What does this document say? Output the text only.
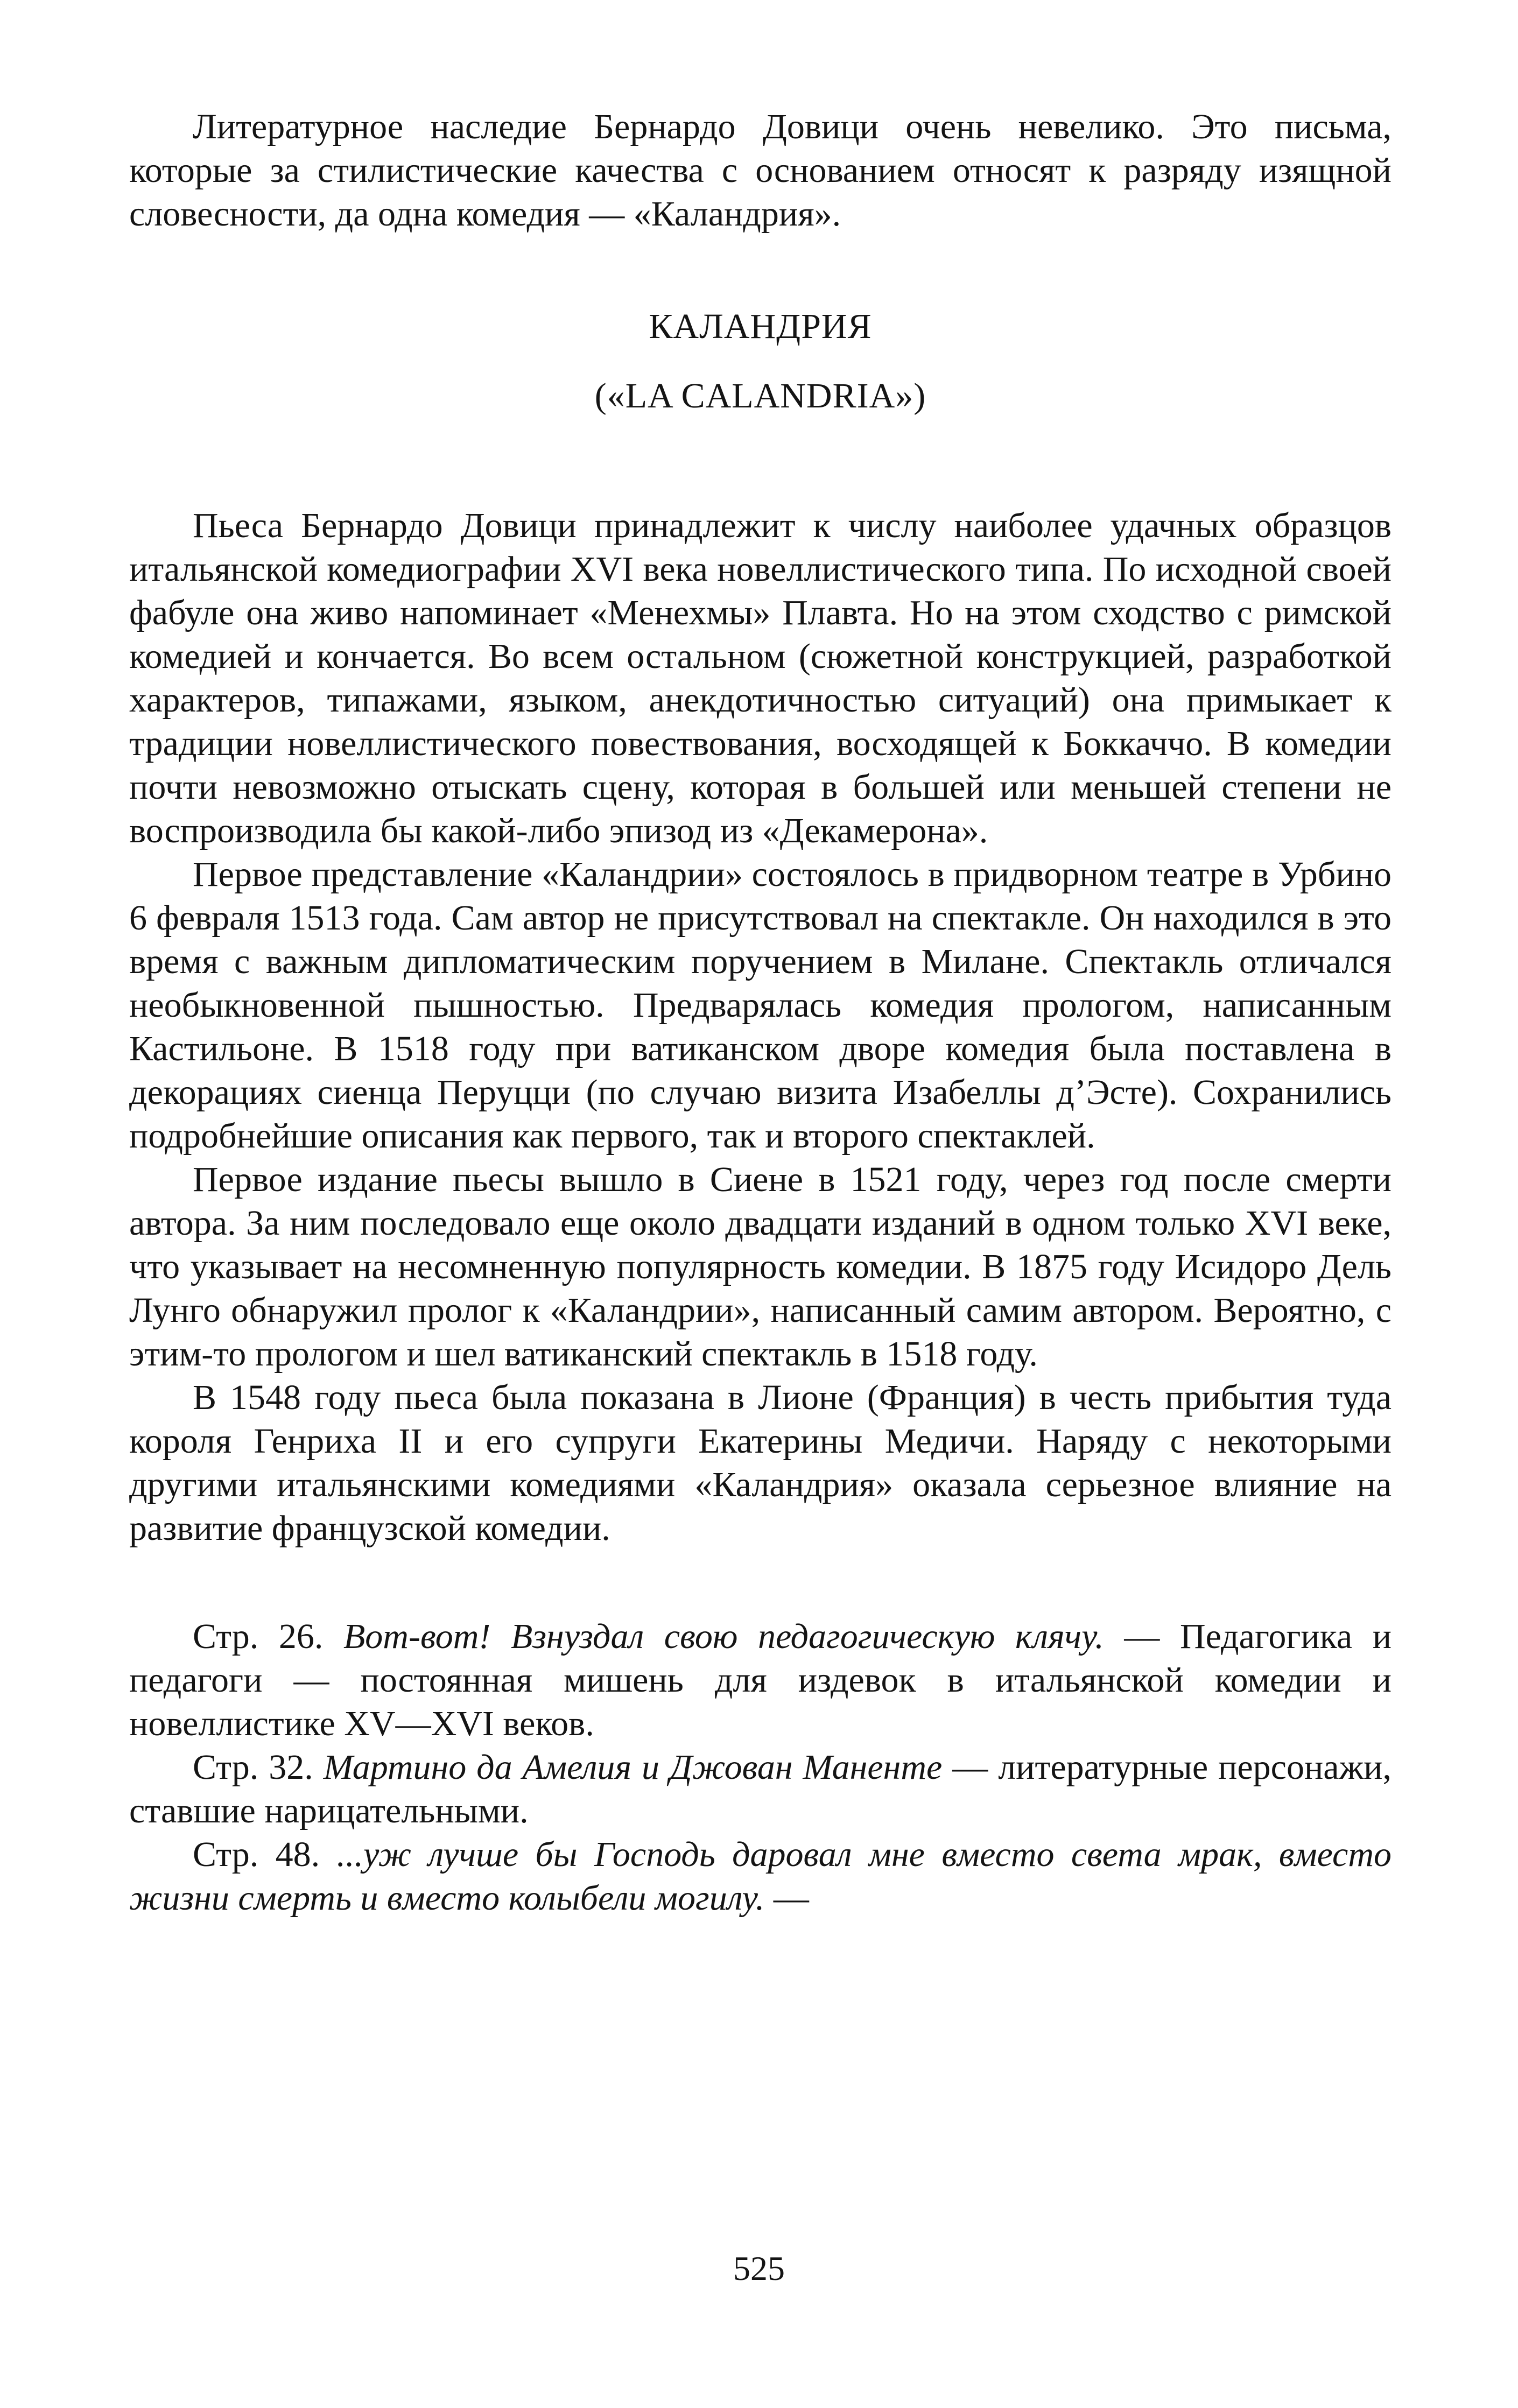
Литературное наследие Бернардо Довици очень невелико. Это письма, которые за стилистические качества с основанием относят к разряду изящной словесности, да одна комедия — «Каландрия».

КАЛАНДРИЯ

(«LA CALANDRIA»)

Пьеса Бернардо Довици принадлежит к числу наиболее удачных образцов итальянской комедиографии XVI века новеллистического типа. По исходной своей фабуле она живо напоминает «Менехмы» Плавта. Но на этом сходство с римской комедией и кончается. Во всем остальном (сюжетной конструкцией, разработкой характеров, типажами, языком, анекдотичностью ситуаций) она примыкает к традиции новеллистического повествования, восходящей к Боккаччо. В комедии почти невозможно отыскать сцену, которая в большей или меньшей степени не воспроизводила бы какой-либо эпизод из «Декамерона».

Первое представление «Каландрии» состоялось в придворном театре в Урбино 6 февраля 1513 года. Сам автор не присутствовал на спектакле. Он находился в это время с важным дипломатическим поручением в Милане. Спектакль отличался необыкновенной пышностью. Предварялась комедия прологом, написанным Кастильоне. В 1518 году при ватиканском дворе комедия была поставлена в декорациях сиенца Перуцци (по случаю визита Изабеллы д’Эсте). Сохранились подробнейшие описания как первого, так и второго спектаклей.

Первое издание пьесы вышло в Сиене в 1521 году, через год после смерти автора. За ним последовало еще около двадцати изданий в одном только XVI веке, что указывает на несомненную популярность комедии. В 1875 году Исидоро Дель Лунго обнаружил пролог к «Каландрии», написанный самим автором. Вероятно, с этим-то прологом и шел ватиканский спектакль в 1518 году.

В 1548 году пьеса была показана в Лионе (Франция) в честь прибытия туда короля Генриха II и его супруги Екатерины Медичи. Наряду с некоторыми другими итальянскими комедиями «Каландрия» оказала серьезное влияние на развитие французской комедии.

Стр. 26. Вот-вот! Взнуздал свою педагогическую клячу. — Педагогика и педагоги — постоянная мишень для издевок в итальянской комедии и новеллистике XV—XVI веков.

Стр. 32. Мартино да Амелия и Джован Маненте — литературные персонажи, ставшие нарицательными.

Стр. 48. ...уж лучше бы Господь даровал мне вместо света мрак, вместо жизни смерть и вместо колыбели могилу. —

525
